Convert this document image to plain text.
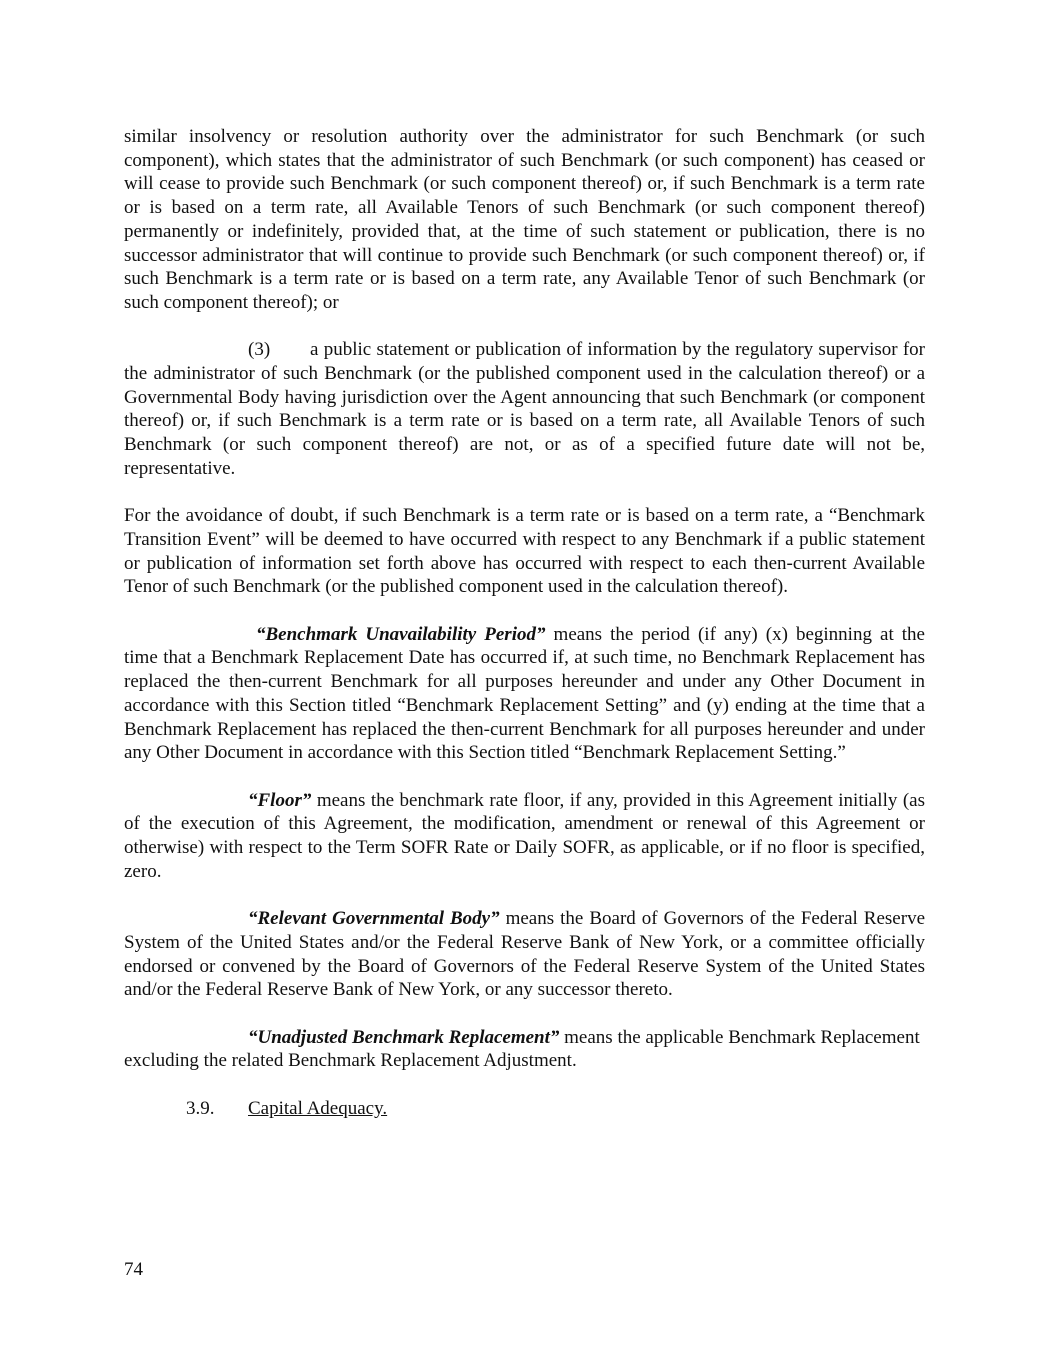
similar insolvency or resolution authority over the administrator for such Benchmark (or such component), which states that the administrator of such Benchmark (or such component) has ceased or will cease to provide such Benchmark (or such component thereof) or, if such Benchmark is a term rate or is based on a term rate, all Available Tenors of such Benchmark (or such component thereof) permanently or indefinitely, provided that, at the time of such statement or publication, there is no successor administrator that will continue to provide such Benchmark (or such component thereof) or, if such Benchmark is a term rate or is based on a term rate, any Available Tenor of such Benchmark (or such component thereof); or

(3) a public statement or publication of information by the regulatory supervisor for the administrator of such Benchmark (or the published component used in the calculation thereof) or a Governmental Body having jurisdiction over the Agent announcing that such Benchmark (or component thereof) or, if such Benchmark is a term rate or is based on a term rate, all Available Tenors of such Benchmark (or such component thereof) are not, or as of a specified future date will not be, representative.

For the avoidance of doubt, if such Benchmark is a term rate or is based on a term rate, a “Benchmark Transition Event” will be deemed to have occurred with respect to any Benchmark if a public statement or publication of information set forth above has occurred with respect to each then-current Available Tenor of such Benchmark (or the published component used in the calculation thereof).

“Benchmark Unavailability Period” means the period (if any) (x) beginning at the time that a Benchmark Replacement Date has occurred if, at such time, no Benchmark Replacement has replaced the then-current Benchmark for all purposes hereunder and under any Other Document in accordance with this Section titled “Benchmark Replacement Setting” and (y) ending at the time that a Benchmark Replacement has replaced the then-current Benchmark for all purposes hereunder and under any Other Document in accordance with this Section titled “Benchmark Replacement Setting.”

“Floor” means the benchmark rate floor, if any, provided in this Agreement initially (as of the execution of this Agreement, the modification, amendment or renewal of this Agreement or otherwise) with respect to the Term SOFR Rate or Daily SOFR, as applicable, or if no floor is specified, zero.

“Relevant Governmental Body” means the Board of Governors of the Federal Reserve System of the United States and/or the Federal Reserve Bank of New York, or a committee officially endorsed or convened by the Board of Governors of the Federal Reserve System of the United States and/or the Federal Reserve Bank of New York, or any successor thereto.

“Unadjusted Benchmark Replacement” means the applicable Benchmark Replacement excluding the related Benchmark Replacement Adjustment.

3.9. Capital Adequacy.

74
